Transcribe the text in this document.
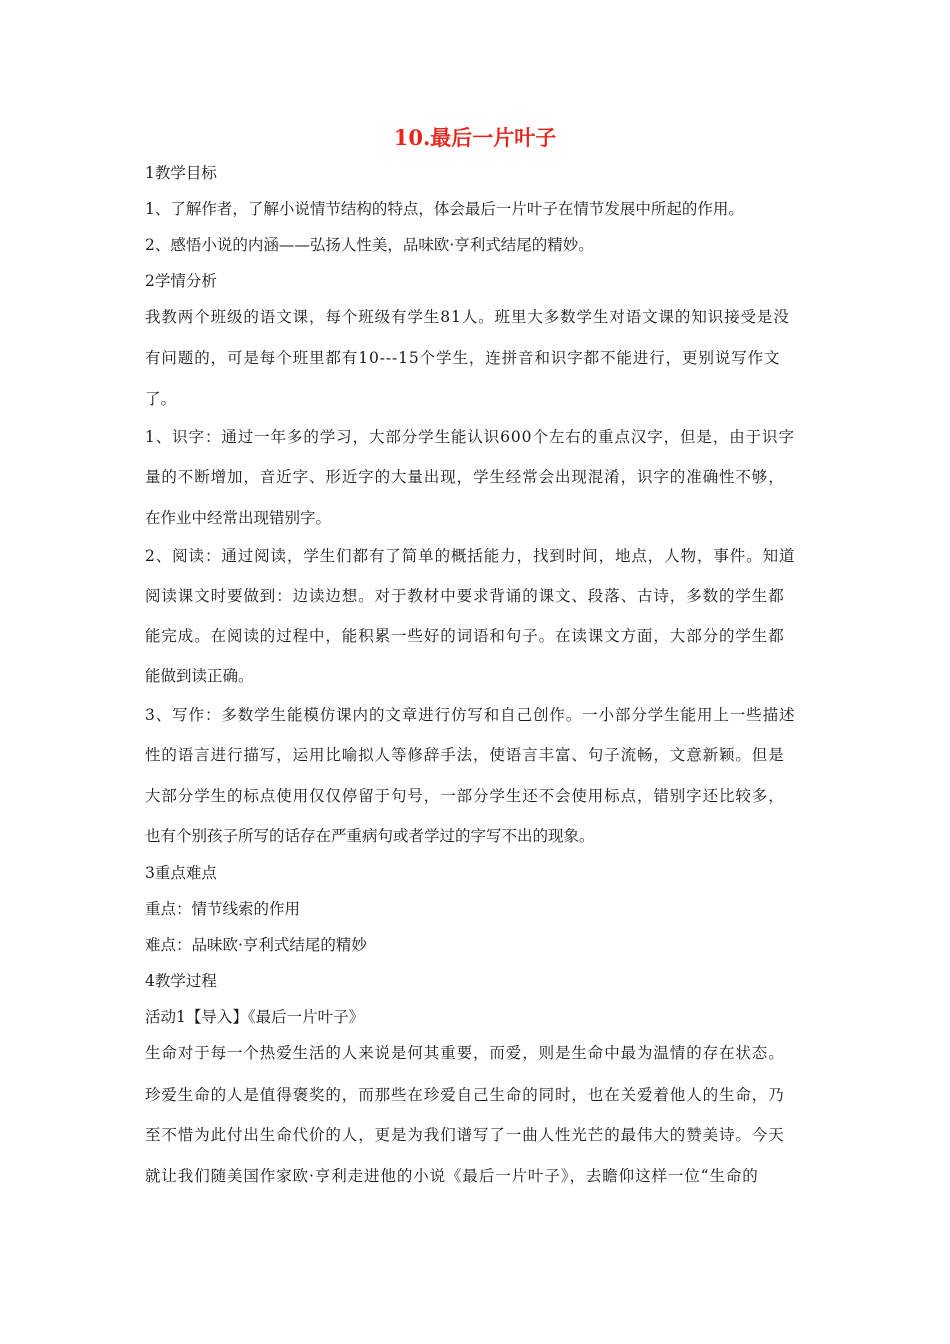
10.最后一片叶子
1教学目标
1、了解作者，了解小说情节结构的特点，体会最后一片叶子在情节发展中所起的作用。
2、感悟小说的内涵——弘扬人性美，品味欧·亨利式结尾的精妙。
2学情分析
我教两个班级的语文课，每个班级有学生81人。班里大多数学生对语文课的知识接受是没
有问题的，可是每个班里都有10---15个学生，连拼音和识字都不能进行，更别说写作文
了。
1、识字：通过一年多的学习，大部分学生能认识600个左右的重点汉字，但是，由于识字
量的不断增加，音近字、形近字的大量出现，学生经常会出现混淆，识字的准确性不够，
在作业中经常出现错别字。
2、阅读：通过阅读，学生们都有了简单的概括能力，找到时间，地点，人物，事件。知道
阅读课文时要做到：边读边想。对于教材中要求背诵的课文、段落、古诗，多数的学生都
能完成。在阅读的过程中，能积累一些好的词语和句子。在读课文方面，大部分的学生都
能做到读正确。
3、写作：多数学生能模仿课内的文章进行仿写和自己创作。一小部分学生能用上一些描述
性的语言进行描写，运用比喻拟人等修辞手法，使语言丰富、句子流畅，文意新颖。但是
大部分学生的标点使用仅仅停留于句号，一部分学生还不会使用标点，错别字还比较多，
也有个别孩子所写的话存在严重病句或者学过的字写不出的现象。
3重点难点
重点：情节线索的作用
难点：品味欧·亨利式结尾的精妙
4教学过程
活动1【导入】《最后一片叶子》
生命对于每一个热爱生活的人来说是何其重要，而爱，则是生命中最为温情的存在状态。
珍爱生命的人是值得褒奖的，而那些在珍爱自己生命的同时，也在关爱着他人的生命，乃
至不惜为此付出生命代价的人，更是为我们谱写了一曲人性光芒的最伟大的赞美诗。今天
就让我们随美国作家欧·亨利走进他的小说《最后一片叶子》，去瞻仰这样一位“生命的
